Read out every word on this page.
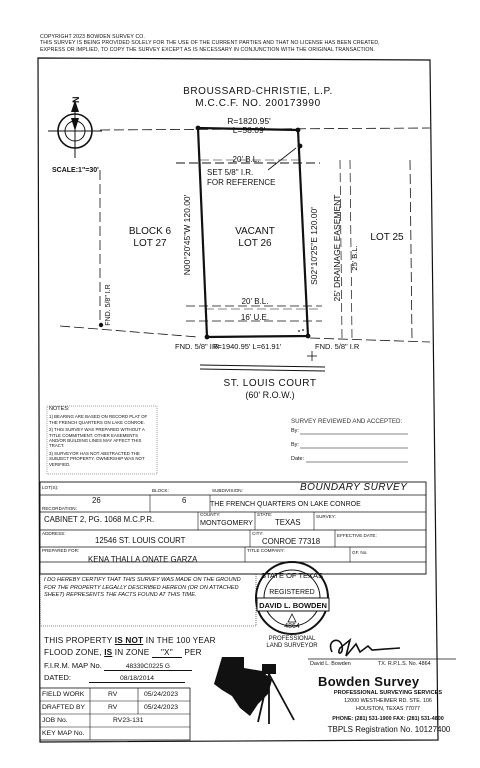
COPYRIGHT 2023 BOWDEN SURVEY CO.
THIS SURVEY IS BEING PROVIDED SOLELY FOR THE USE OF THE CURRENT PARTIES AND THAT NO LICENSE HAS BEEN CREATED,
EXPRESS OR IMPLIED, TO COPY THE SURVEY EXCEPT AS IS NECESSARY IN CONJUNCTION WITH THE ORIGINAL TRANSACTION.
N
SCALE:1"=30'
BROUSSARD-CHRISTIE, L.P.
M.C.C.F. NO. 200173990
R=1820.95'
L=58.09'
20' B.L.
SET 5/8" I.R.
FOR REFERENCE
BLOCK 6
LOT 27
VACANT
LOT 26
LOT 25
N00°20'45"W 120.00'	S02°10'25"E 120.00' 25' DRAINAGE EASEMENT 25' B.L.
FND. 5/8" I.R	20' B.L.
16' U.E.
FND. 5/8" I.R
R=1940.95' L=61.91'	FND. 5/8" I.R
ST. LOUIS COURT
(60' R.O.W.)
STATE OF TEXAS
REGISTERED
DAVID L. BOWDEN
4864
PROFESSIONAL
LAND SURVEYOR
NOTES:
1) BEARING ARE BASED ON RECORD PLAT OF THE FRENCH QUARTERS ON LAKE CONROE.
2) THIS SURVEY WAS PREPARED WITHOUT A TITLE COMMITMENT. OTHER EASEMENTS AND/OR BUILDING LINES MAY AFFECT THIS TRACT.
3) SURVEYOR HAS NOT ABSTRACTED THE SUBJECT PROPERTY. OWNERSHIP WAS NOT VERIFIED.
SURVEY REVIEWED AND ACCEPTED:
By:
By:
Date:
BOUNDARY SURVEY
LOT(S):
26
BLOCK:
6
SUBDIVISION:
THE FRENCH QUARTERS ON LAKE CONROE
RECORDATION:
CABINET 2, PG. 1068 M.C.P.R.
COUNTY:
MONTGOMERY
STATE:
TEXAS
SURVEY:
ADDRESS:
12546 ST. LOUIS COURT
CITY:
CONROE 77318
EFFECTIVE DATE:
PREPARED FOR:
KENA THALLA ONATE GARZA
TITLE COMPANY:	GF. No.
I DO HEREBY CERTIFY THAT THIS SURVEY WAS MADE ON THE GROUND FOR THE PROPERTY LEGALLY DESCRIBED HEREON (OR ON ATTACHED SHEET) REPRESENTS THE FACTS FOUND AT THIS TIME.
THIS PROPERTY IS NOT IN THE 100 YEAR
FLOOD ZONE, IS IN ZONE "X" PER
F.I.R.M. MAP No.	48339C0225 G
DATED:	08/18/2014
FIELD WORK	RV	05/24/2023
DRAFTED BY	RV	05/24/2023
JOB No.	RV23-131
KEY MAP No.
David L. Bowden	TX. R.P.L.S. No. 4864
Bowden Survey
PROFESSIONAL SURVEYING SERVICES
12000 WESTHEIMER RD. STE. 106
HOUSTON, TEXAS 77077
PHONE: (281) 531-1900 FAX: (281) 531-4800
TBPLS Registration No. 10127400
